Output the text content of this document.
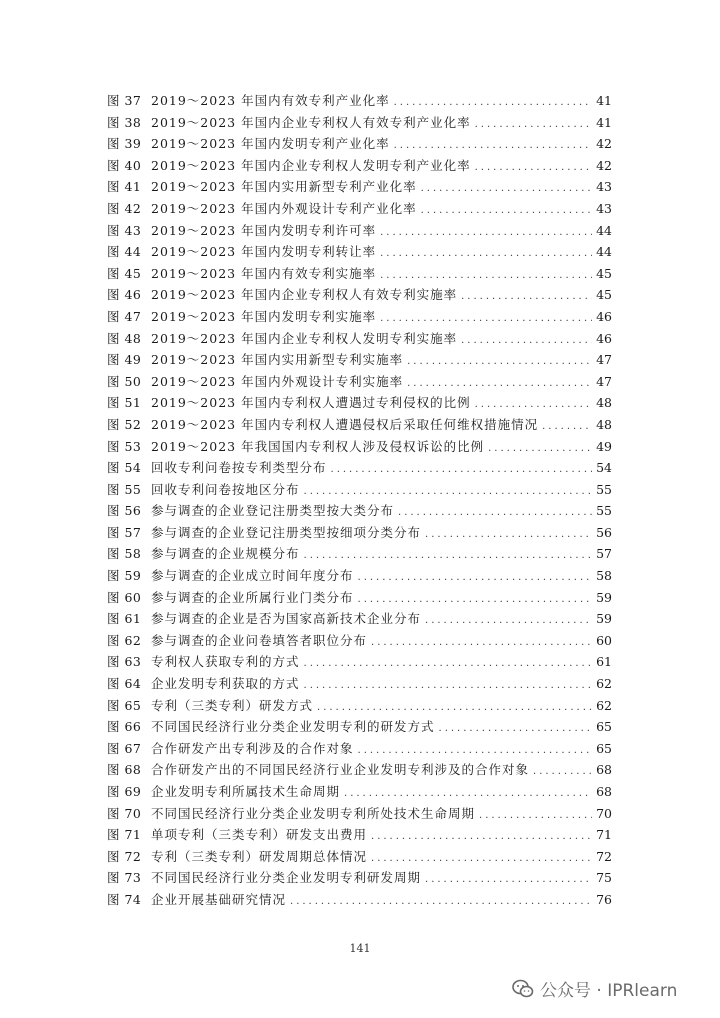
图 37 2019～2023 年国内有效专利产业化率 .....	41
图 38 2019～2023 年国内企业专利权人有效专利产业化率 .....	41
图 39 2019～2023 年国内发明专利产业化率 .....	42
图 40 2019～2023 年国内企业专利权人发明专利产业化率 .....	42
图 41 2019～2023 年国内实用新型专利产业化率 .....	43
图 42 2019～2023 年国内外观设计专利产业化率 .....	43
图 43 2019～2023 年国内发明专利许可率 .....	44
图 44 2019～2023 年国内发明专利转让率 .....	44
图 45 2019～2023 年国内有效专利实施率 .....	45
图 46 2019～2023 年国内企业专利权人有效专利实施率 .....	45
图 47 2019～2023 年国内发明专利实施率 .....	46
图 48 2019～2023 年国内企业专利权人发明专利实施率 .....	46
图 49 2019～2023 年国内实用新型专利实施率 .....	47
图 50 2019～2023 年国内外观设计专利实施率 .....	47
图 51 2019～2023 年国内专利权人遭遇过专利侵权的比例 .....	48
图 52 2019～2023 年国内专利权人遭遇侵权后采取任何维权措施情况 .....	48
图 53 2019～2023 年我国国内专利权人涉及侵权诉讼的比例 .....	49
图 54 回收专利问卷按专利类型分布 .....	54
图 55 回收专利问卷按地区分布 .....	55
图 56 参与调查的企业登记注册类型按大类分布 .....	55
图 57 参与调查的企业登记注册类型按细项分类分布 .....	56
图 58 参与调查的企业规模分布 .....	57
图 59 参与调查的企业成立时间年度分布 .....	58
图 60 参与调查的企业所属行业门类分布 .....	59
图 61 参与调查的企业是否为国家高新技术企业分布 .....	59
图 62 参与调查的企业问卷填答者职位分布 .....	60
图 63 专利权人获取专利的方式 .....	61
图 64 企业发明专利获取的方式 .....	62
图 65 专利（三类专利）研发方式 .....	62
图 66 不同国民经济行业分类企业发明专利的研发方式 .....	65
图 67 合作研发产出专利涉及的合作对象 .....	65
图 68 合作研发产出的不同国民经济行业企业发明专利涉及的合作对象 .....	68
图 69 企业发明专利所属技术生命周期 .....	68
图 70 不同国民经济行业分类企业发明专利所处技术生命周期 .....	70
图 71 单项专利（三类专利）研发支出费用 .....	71
图 72 专利（三类专利）研发周期总体情况 .....	72
图 73 不同国民经济行业分类企业发明专利研发周期 .....	75
图 74 企业开展基础研究情况 .....	76
141
公众号 · IPRlearn
